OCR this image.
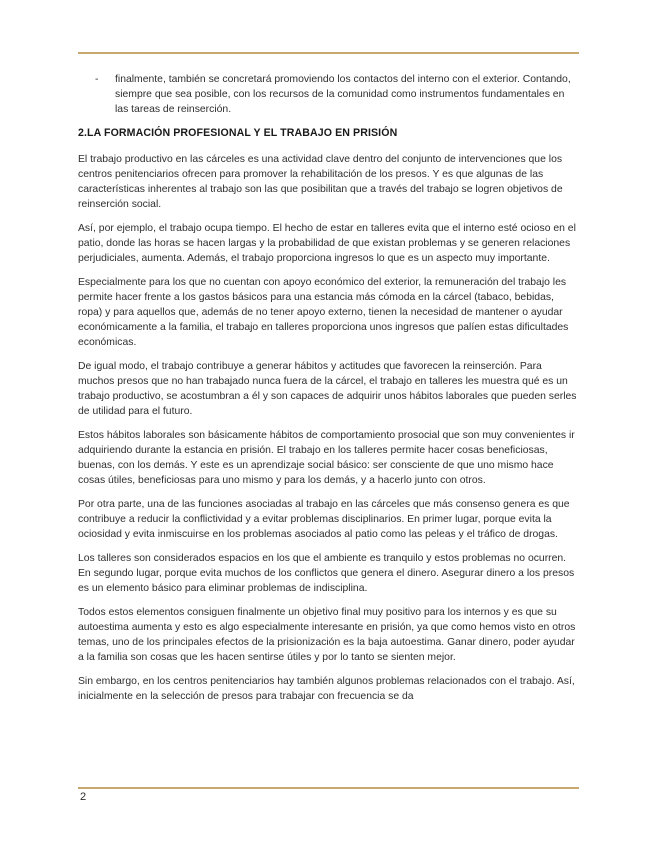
-	finalmente, también se concretará promoviendo los contactos del interno con el exterior. Contando, siempre que sea posible, con los recursos de la comunidad como instrumentos fundamentales en las tareas de reinserción.
2.LA FORMACIÓN PROFESIONAL Y EL TRABAJO EN PRISIÓN

El trabajo productivo en las cárceles es una actividad clave dentro del conjunto de intervenciones que los centros penitenciarios ofrecen para promover la rehabilitación de los presos. Y es que algunas de las características inherentes al trabajo son las que posibilitan que a través del trabajo se logren objetivos de reinserción social.

Así, por ejemplo, el trabajo ocupa tiempo. El hecho de estar en talleres evita que el interno esté ocioso en el patio, donde las horas se hacen largas y la probabilidad de que existan problemas y se generen relaciones perjudiciales, aumenta. Además, el trabajo proporciona ingresos lo que es un aspecto muy importante.

Especialmente para los que no cuentan con apoyo económico del exterior, la remuneración del trabajo les permite hacer frente a los gastos básicos para una estancia más cómoda en la cárcel (tabaco, bebidas, ropa) y para aquellos que, además de no tener apoyo externo, tienen la necesidad de mantener o ayudar económicamente a la familia, el trabajo en talleres proporciona unos ingresos que palíen estas dificultades económicas.

De igual modo, el trabajo contribuye a generar hábitos y actitudes que favorecen la reinserción. Para muchos presos que no han trabajado nunca fuera de la cárcel, el trabajo en talleres les muestra qué es un trabajo productivo, se acostumbran a él y son capaces de adquirir unos hábitos laborales que pueden serles de utilidad para el futuro.

Estos hábitos laborales son básicamente hábitos de comportamiento prosocial que son muy convenientes ir adquiriendo durante la estancia en prisión. El trabajo en los talleres permite hacer cosas beneficiosas, buenas, con los demás. Y este es un aprendizaje social básico: ser consciente de que uno mismo hace cosas útiles, beneficiosas para uno mismo y para los demás, y a hacerlo junto con otros.

Por otra parte, una de las funciones asociadas al trabajo en las cárceles que más consenso genera es que contribuye a reducir la conflictividad y a evitar problemas disciplinarios. En primer lugar, porque evita la ociosidad y evita inmiscuirse en los problemas asociados al patio como las peleas y el tráfico de drogas.

Los talleres son considerados espacios en los que el ambiente es tranquilo y estos problemas no ocurren. En segundo lugar, porque evita muchos de los conflictos que genera el dinero. Asegurar dinero a los presos es un elemento básico para eliminar problemas de indisciplina.

Todos estos elementos consiguen finalmente un objetivo final muy positivo para los internos y es que su autoestima aumenta y esto es algo especialmente interesante en prisión, ya que como hemos visto en otros temas, uno de los principales efectos de la prisionización es la baja autoestima. Ganar dinero, poder ayudar a la familia son cosas que les hacen sentirse útiles y por lo tanto se sienten mejor.

Sin embargo, en los centros penitenciarios hay también algunos problemas relacionados con el trabajo. Así, inicialmente en la selección de presos para trabajar con frecuencia se da

2
